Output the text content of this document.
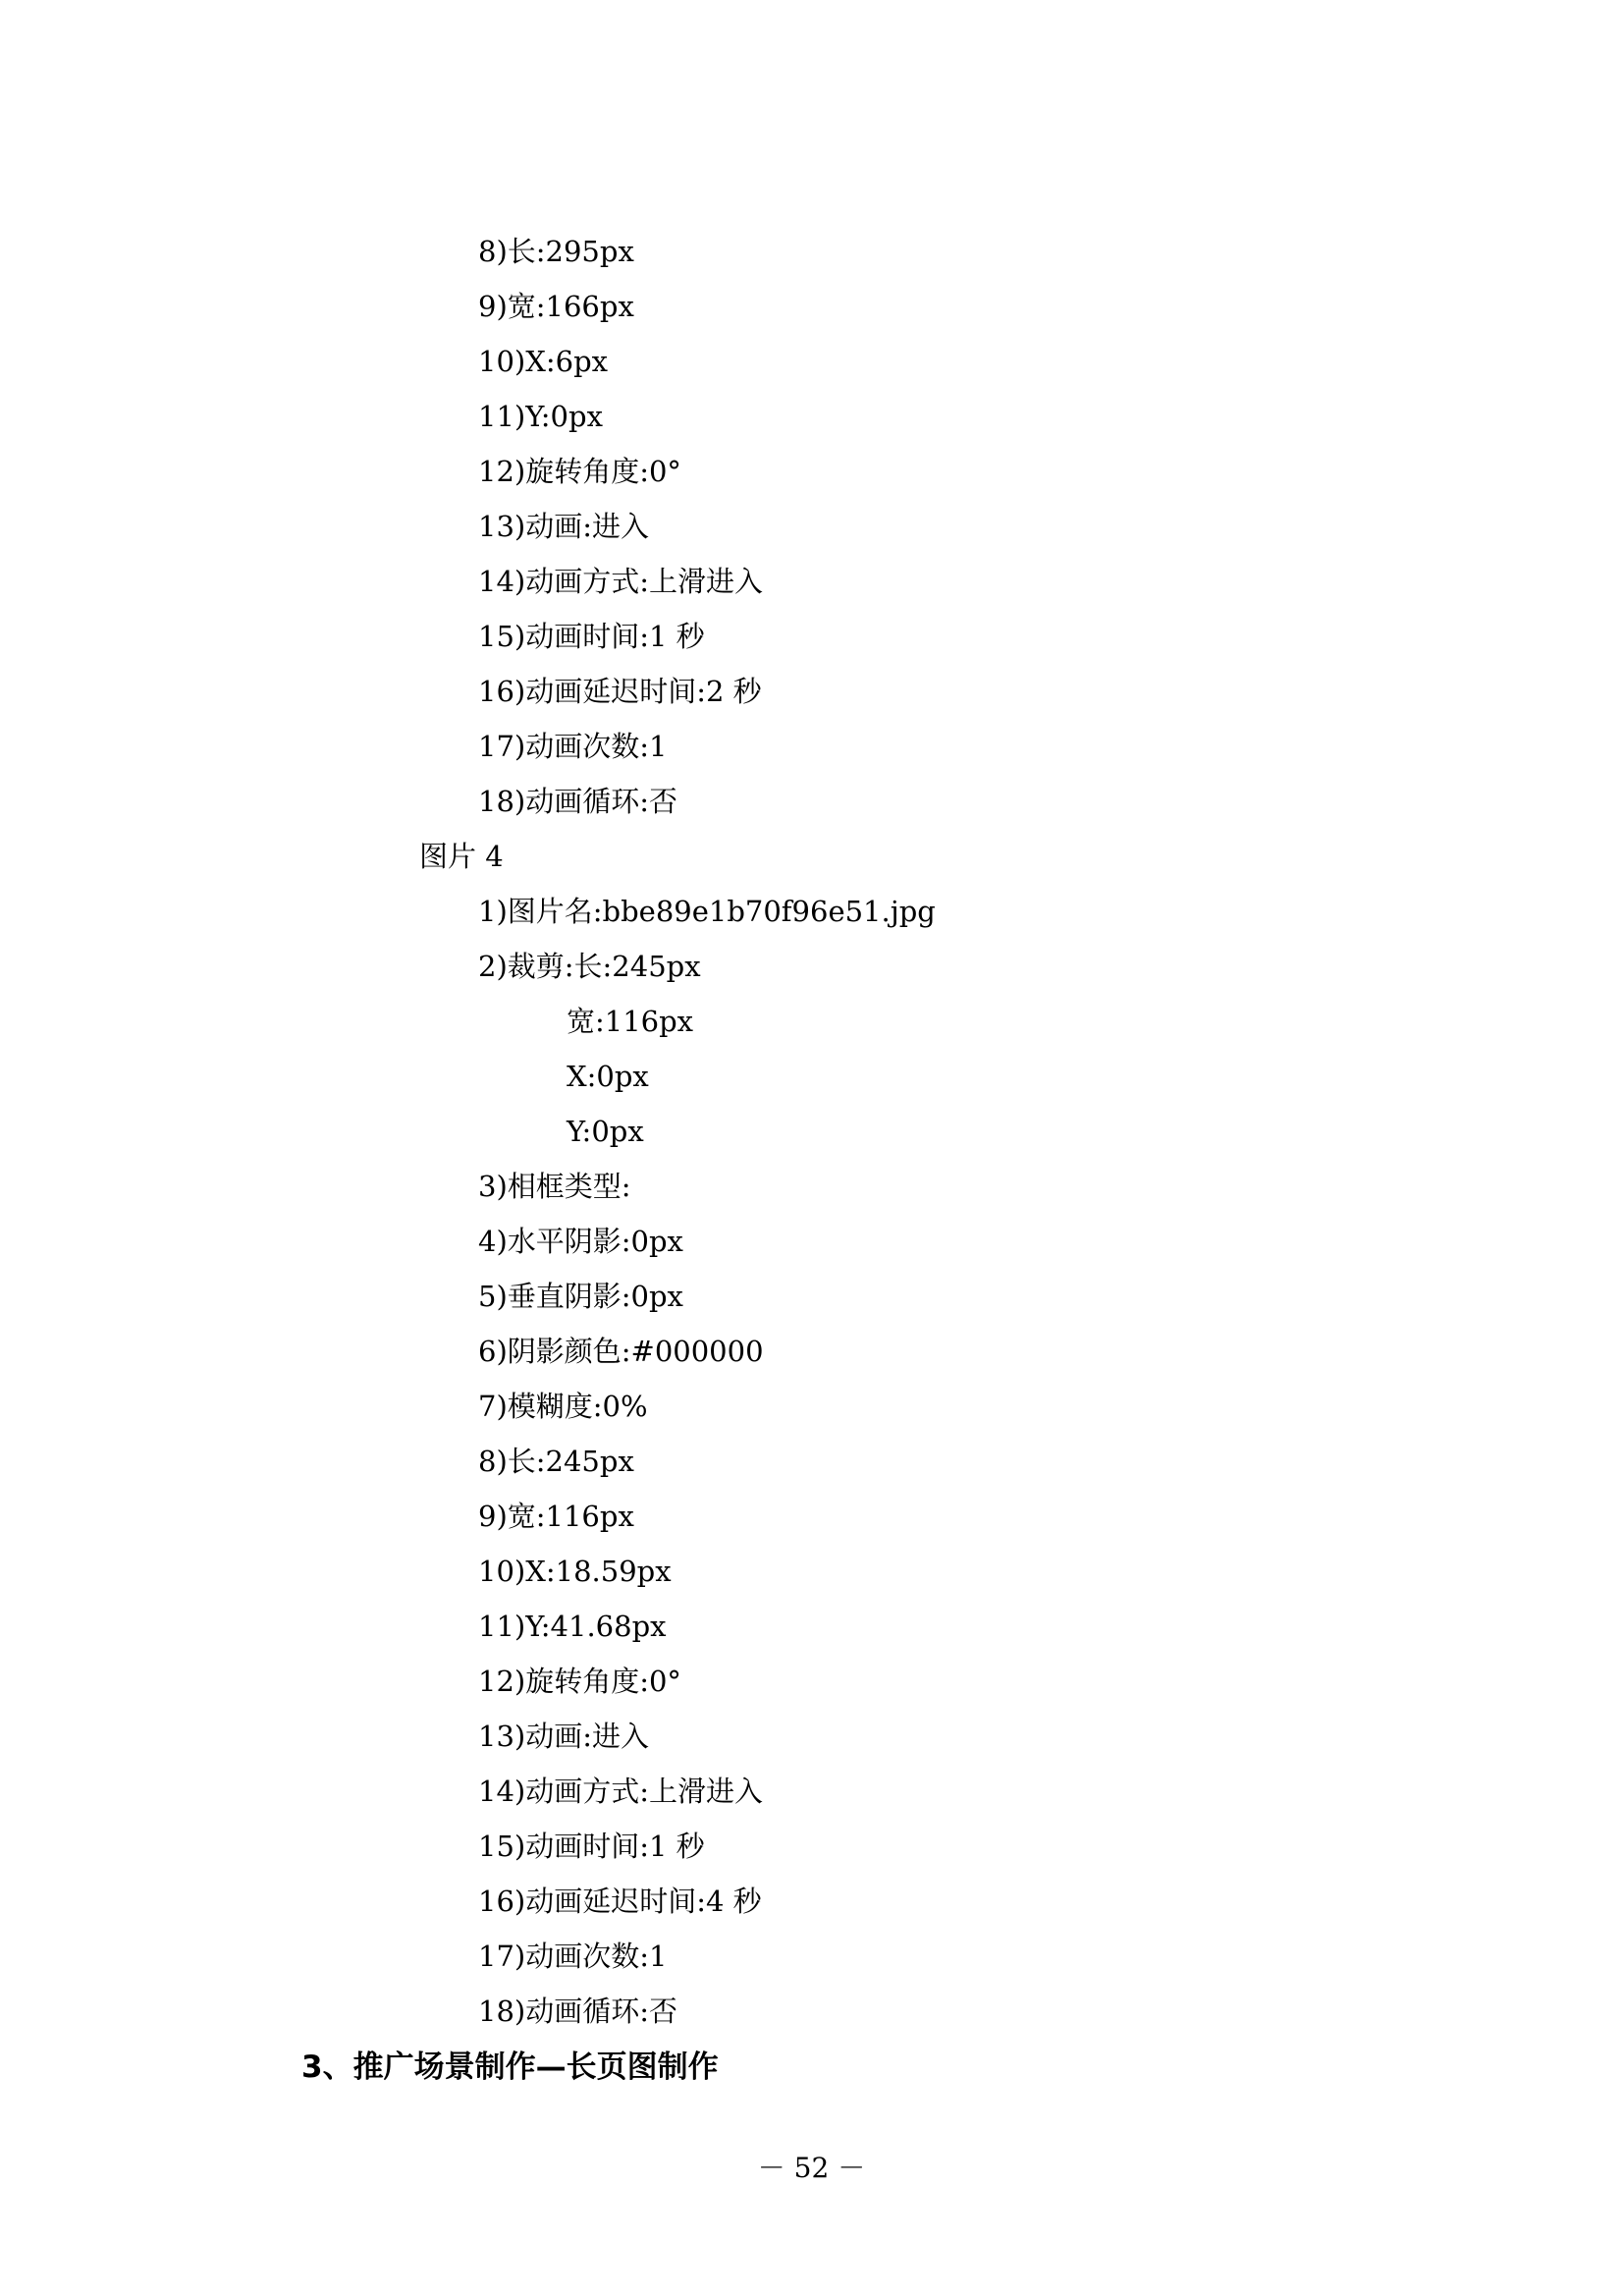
8)长:295px
9)宽:166px
10)X:6px
11)Y:0px
12)旋转角度:0°
13)动画:进入
14)动画方式:上滑进入
15)动画时间:1 秒
16)动画延迟时间:2 秒
17)动画次数:1
18)动画循环:否
图片 4
1)图片名:bbe89e1b70f96e51.jpg
2)裁剪:长:245px
宽:116px
X:0px
Y:0px
3)相框类型:
4)水平阴影:0px
5)垂直阴影:0px
6)阴影颜色:#000000
7)模糊度:0%
8)长:245px
9)宽:116px
10)X:18.59px
11)Y:41.68px
12)旋转角度:0°
13)动画:进入
14)动画方式:上滑进入
15)动画时间:1 秒
16)动画延迟时间:4 秒
17)动画次数:1
18)动画循环:否
3、推广场景制作—长页图制作
－ 52 －
